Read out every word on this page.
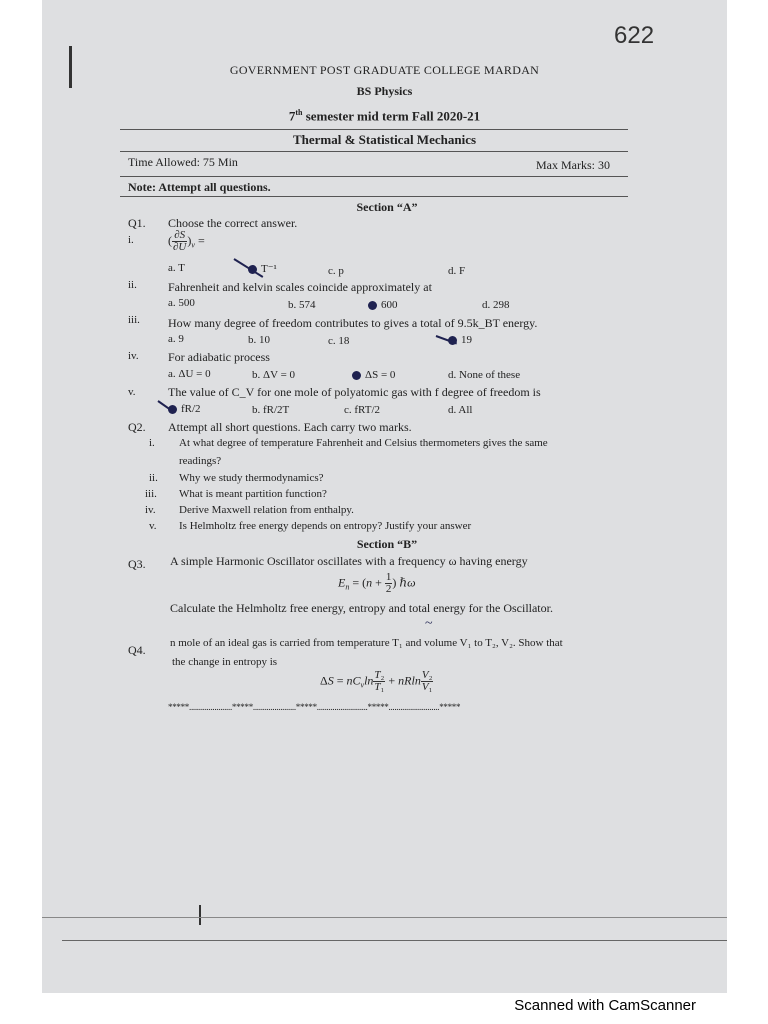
622
GOVERNMENT POST GRADUATE COLLEGE MARDAN
BS Physics
7th semester mid term Fall 2020-21
Thermal & Statistical Mechanics
Time Allowed: 75 Min	Max Marks: 30
Note: Attempt all questions.
Section “A”
Q1. Choose the correct answer.
i.	( $\frac{\partial S}{\partial U} )_v$ =
a. T	T⁻¹	c. p	d. F
ii.	Fahrenheit and kelvin scales coincide approximately at
a. 500	b. 574	600	d. 298
iii. How many degree of freedom contributes to gives a total of 9.5k_BT energy.
a. 9	b. 10	c. 18	19
iv. For adiabatic process
a. ΔU = 0	b. ΔV = 0	ΔS = 0	d. None of these
v.	The value of C_V for one mole of polyatomic gas with f degree of freedom is
fR/2	b. fR/2T	c. fRT/2	d. All
Q2. Attempt all short questions. Each carry two marks.
i. At what degree of temperature Fahrenheit and Celsius thermometers gives the same
readings?
ii. Why we study thermodynamics?
iii. What is meant partition function?
iv. Derive Maxwell relation from enthalpy.
v. Is Helmholtz free energy depends on entropy? Justify your answer
Section “B”
Q3. A simple Harmonic Oscillator oscillates with a frequency ω having energy
$E_n = (n + \frac{1}{2}$ ) ℏω
Calculate the Helmholtz free energy, entropy and total energy for the Oscillator.
~
Q4. n mole of an ideal gas is carried from temperature T₁ and volume V₁ to T₂, V₂. Show that
the change in entropy is
$\Delta S = nC_v\ln \frac{\text{T₂}}{\text{T₁}} + nRln \frac{\text{V₂}}{\text{V₁}}$
*****......................*****......................*****..........................*****..........................*****
Scanned with CamScanner
